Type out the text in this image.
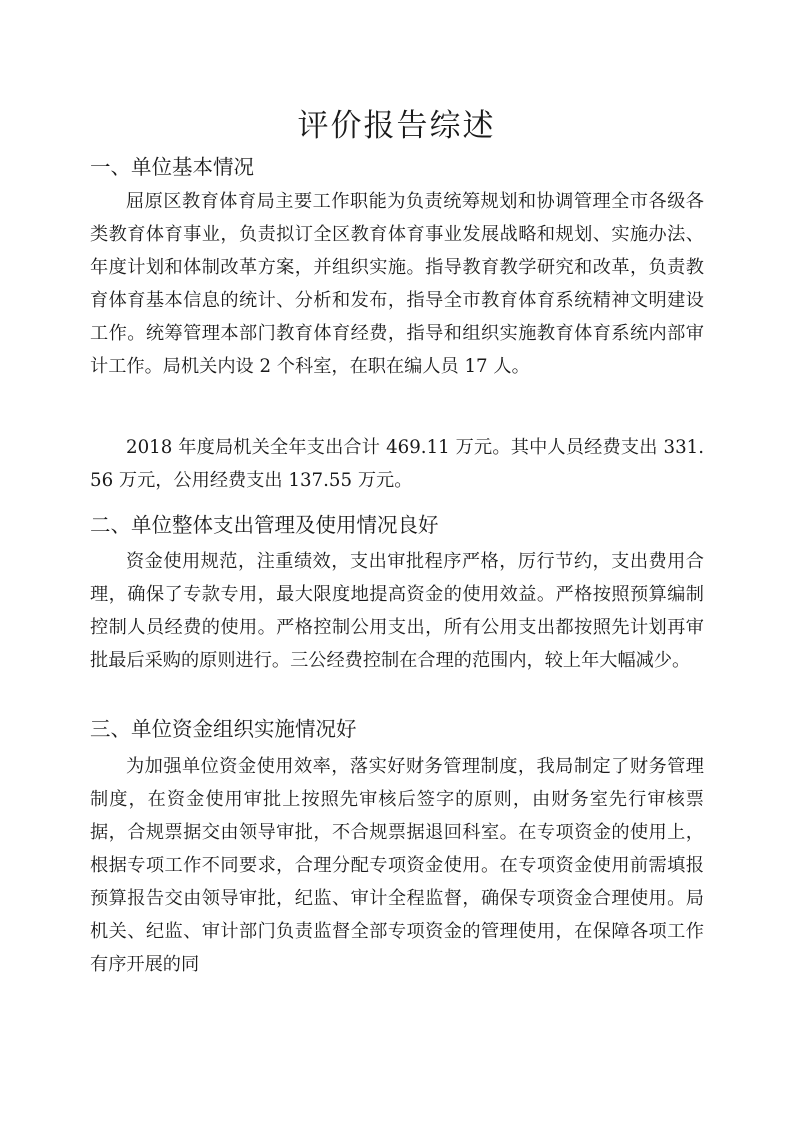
评价报告综述
一、单位基本情况

屈原区教育体育局主要工作职能为负责统筹规划和协调管理全市各级各类教育体育事业，负责拟订全区教育体育事业发展战略和规划、实施办法、年度计划和体制改革方案，并组织实施。指导教育教学研究和改革，负责教育体育基本信息的统计、分析和发布，指导全市教育体育系统精神文明建设工作。统筹管理本部门教育体育经费，指导和组织实施教育体育系统内部审计工作。局机关内设 2 个科室，在职在编人员 17 人。

2018 年度局机关全年支出合计 469.11 万元。其中人员经费支出 331.56 万元，公用经费支出 137.55 万元。

二、单位整体支出管理及使用情况良好

资金使用规范，注重绩效，支出审批程序严格，厉行节约，支出费用合理，确保了专款专用，最大限度地提高资金的使用效益。严格按照预算编制控制人员经费的使用。严格控制公用支出，所有公用支出都按照先计划再审批最后采购的原则进行。三公经费控制在合理的范围内，较上年大幅减少。

三、单位资金组织实施情况好

为加强单位资金使用效率，落实好财务管理制度，我局制定了财务管理制度，在资金使用审批上按照先审核后签字的原则，由财务室先行审核票据，合规票据交由领导审批，不合规票据退回科室。在专项资金的使用上，根据专项工作不同要求，合理分配专项资金使用。在专项资金使用前需填报预算报告交由领导审批，纪监、审计全程监督，确保专项资金合理使用。局机关、纪监、审计部门负责监督全部专项资金的管理使用，在保障各项工作有序开展的同
